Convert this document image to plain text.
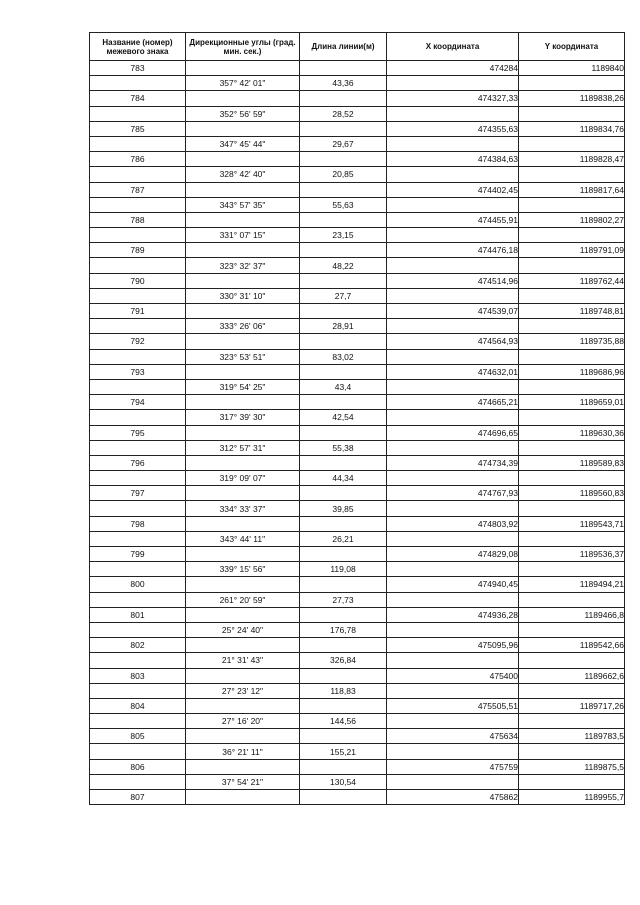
Название (номер) межевого знака	Дирекционные углы (град. мин. сек.)	Длина линии(м)	X координата	Y координата
783			474284	1189840
	357° 42' 01"	43,36		
784			474327,33	1189838,26
	352° 56' 59"	28,52		
785			474355,63	1189834,76
	347° 45' 44"	29,67		
786			474384,63	1189828,47
	328° 42' 40"	20,85		
787			474402,45	1189817,64
	343° 57' 35"	55,63		
788			474455,91	1189802,27
	331° 07' 15"	23,15		
789			474476,18	1189791,09
	323° 32' 37"	48,22		
790			474514,96	1189762,44
	330° 31' 10"	27,7		
791			474539,07	1189748,81
	333° 26' 06"	28,91		
792			474564,93	1189735,88
	323° 53' 51"	83,02		
793			474632,01	1189686,96
	319° 54' 25"	43,4		
794			474665,21	1189659,01
	317° 39' 30"	42,54		
795			474696,65	1189630,36
	312° 57' 31"	55,38		
796			474734,39	1189589,83
	319° 09' 07"	44,34		
797			474767,93	1189560,83
	334° 33' 37"	39,85		
798			474803,92	1189543,71
	343° 44' 11"	26,21		
799			474829,08	1189536,37
	339° 15' 56"	119,08		
800			474940,45	1189494,21
	261° 20' 59"	27,73		
801			474936,28	1189466,8
	25° 24' 40"	176,78		
802			475095,96	1189542,66
	21° 31' 43"	326,84		
803			475400	1189662,6
	27° 23' 12"	118,83		
804			475505,51	1189717,26
	27° 16' 20"	144,56		
805			475634	1189783,5
	36° 21' 11"	155,21		
806			475759	1189875,5
	37° 54' 21"	130,54		
807			475862	1189955,7
